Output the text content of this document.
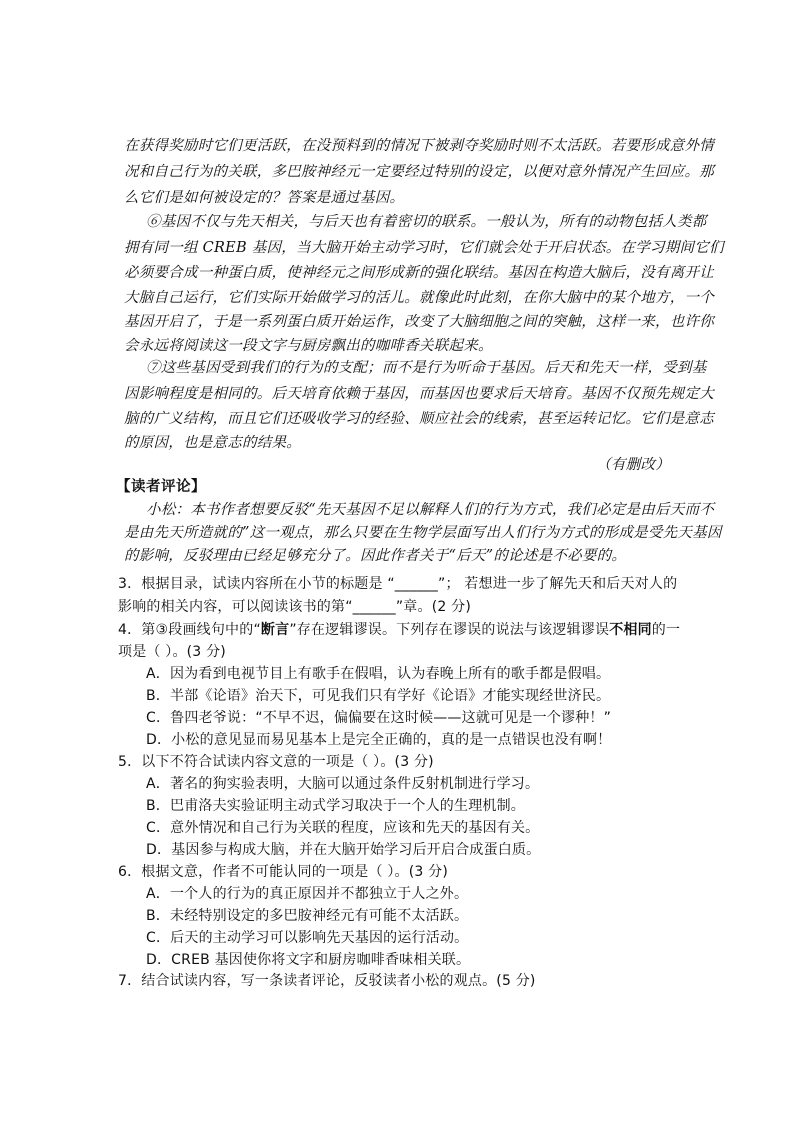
在获得奖励时它们更活跃，在没预料到的情况下被剥夺奖励时则不太活跃。若要形成意外情
况和自己行为的关联，多巴胺神经元一定要经过特别的设定，以便对意外情况产生回应。那
么它们是如何被设定的？答案是通过基因。
⑥基因不仅与先天相关，与后天也有着密切的联系。一般认为，所有的动物包括人类都
拥有同一组 CREB 基因，当大脑开始主动学习时，它们就会处于开启状态。在学习期间它们
必须要合成一种蛋白质，使神经元之间形成新的强化联结。基因在构造大脑后，没有离开让
大脑自己运行，它们实际开始做学习的活儿。就像此时此刻，在你大脑中的某个地方，一个
基因开启了，于是一系列蛋白质开始运作，改变了大脑细胞之间的突触，这样一来，也许你
会永远将阅读这一段文字与厨房飘出的咖啡香关联起来。
⑦这些基因受到我们的行为的支配；而不是行为听命于基因。后天和先天一样，受到基
因影响程度是相同的。后天培育依赖于基因，而基因也要求后天培育。基因不仅预先规定大
脑的广义结构，而且它们还吸收学习的经验、顺应社会的线索，甚至运转记忆。它们是意志
的原因，也是意志的结果。
（有删改）
【读者评论】
小松：本书作者想要反驳“先天基因不足以解释人们的行为方式，我们必定是由后天而不
是由先天所造就的”这一观点，那么只要在生物学层面写出人们行为方式的形成是受先天基因
的影响，反驳理由已经足够充分了。因此作者关于“后天”的论述是不必要的。
3．根据目录，试读内容所在小节的标题是 “______”； 若想进一步了解先天和后天对人的
影响的相关内容，可以阅读该书的第“______”章。(2 分)
4．第③段画线句中的“断言”存在逻辑谬误。下列存在谬误的说法与该逻辑谬误不相同的一
项是（ ）。(3 分)
A．因为看到电视节目上有歌手在假唱，认为春晚上所有的歌手都是假唱。
B．半部《论语》治天下，可见我们只有学好《论语》才能实现经世济民。
C．鲁四老爷说：“不早不迟，偏偏要在这时候——这就可见是一个谬种！”
D．小松的意见显而易见基本上是完全正确的，真的是一点错误也没有啊！
5．以下不符合试读内容文意的一项是（ ）。(3 分)
A．著名的狗实验表明，大脑可以通过条件反射机制进行学习。
B．巴甫洛夫实验证明主动式学习取决于一个人的生理机制。
C．意外情况和自己行为关联的程度，应该和先天的基因有关。
D．基因参与构成大脑，并在大脑开始学习后开启合成蛋白质。
6．根据文意，作者不可能认同的一项是（ ）。(3 分)
A．一个人的行为的真正原因并不都独立于人之外。
B．未经特别设定的多巴胺神经元有可能不太活跃。
C．后天的主动学习可以影响先天基因的运行活动。
D．CREB 基因使你将文字和厨房咖啡香味相关联。
7．结合试读内容，写一条读者评论，反驳读者小松的观点。(5 分)
